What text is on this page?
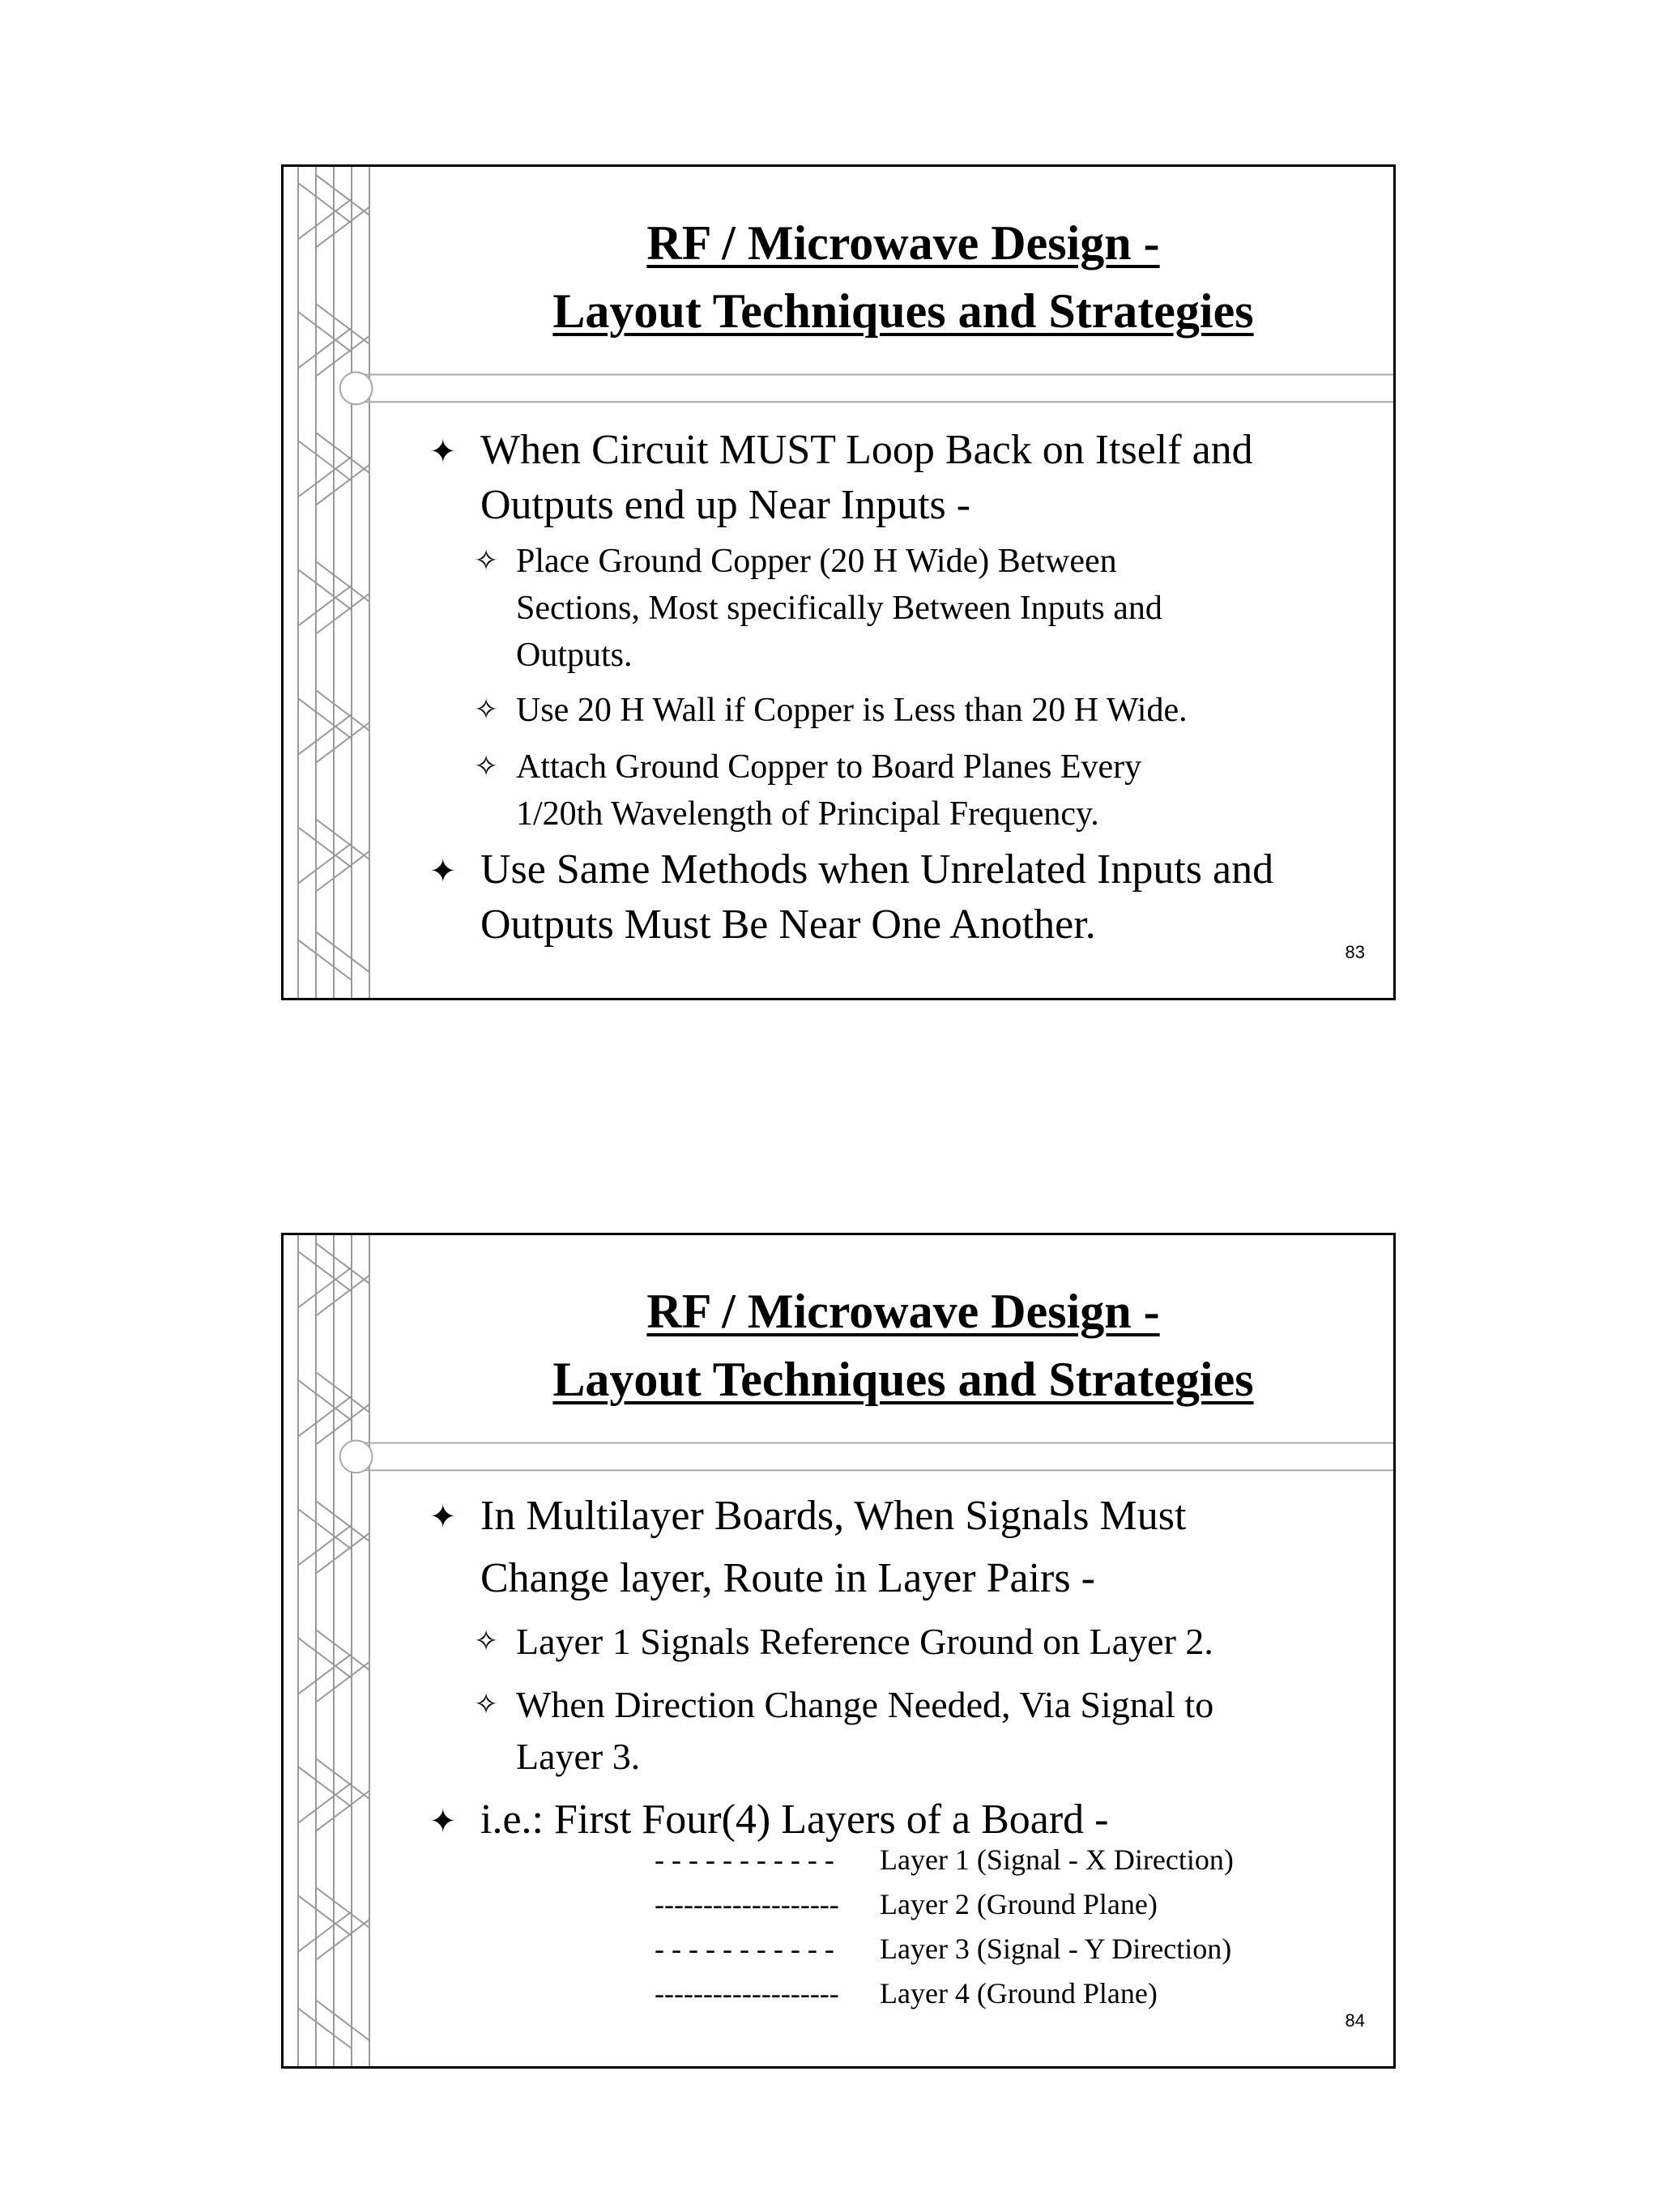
RF / Microwave Design -
Layout Techniques and Strategies
✦ When Circuit MUST Loop Back on Itself and
Outputs end up Near Inputs -
✧ Place Ground Copper (20 H Wide) Between
Sections, Most specifically Between Inputs and
Outputs.
✧ Use 20 H Wall if Copper is Less than 20 H Wide.
✧ Attach Ground Copper to Board Planes Every
1/20th Wavelength of Principal Frequency.
✦ Use Same Methods when Unrelated Inputs and
Outputs Must Be Near One Another.
83
RF / Microwave Design -
Layout Techniques and Strategies
✦ In Multilayer Boards, When Signals Must
Change layer, Route in Layer Pairs -
✧ Layer 1 Signals Reference Ground on Layer 2.
✧ When Direction Change Needed, Via Signal to
Layer 3.
✦ i.e.: First Four(4) Layers of a Board -
- - - - - - - - - - -	Layer 1 (Signal - X Direction)
-------------------	Layer 2 (Ground Plane)
- - - - - - - - - - -	Layer 3 (Signal - Y Direction)
-------------------	Layer 4 (Ground Plane)
84
